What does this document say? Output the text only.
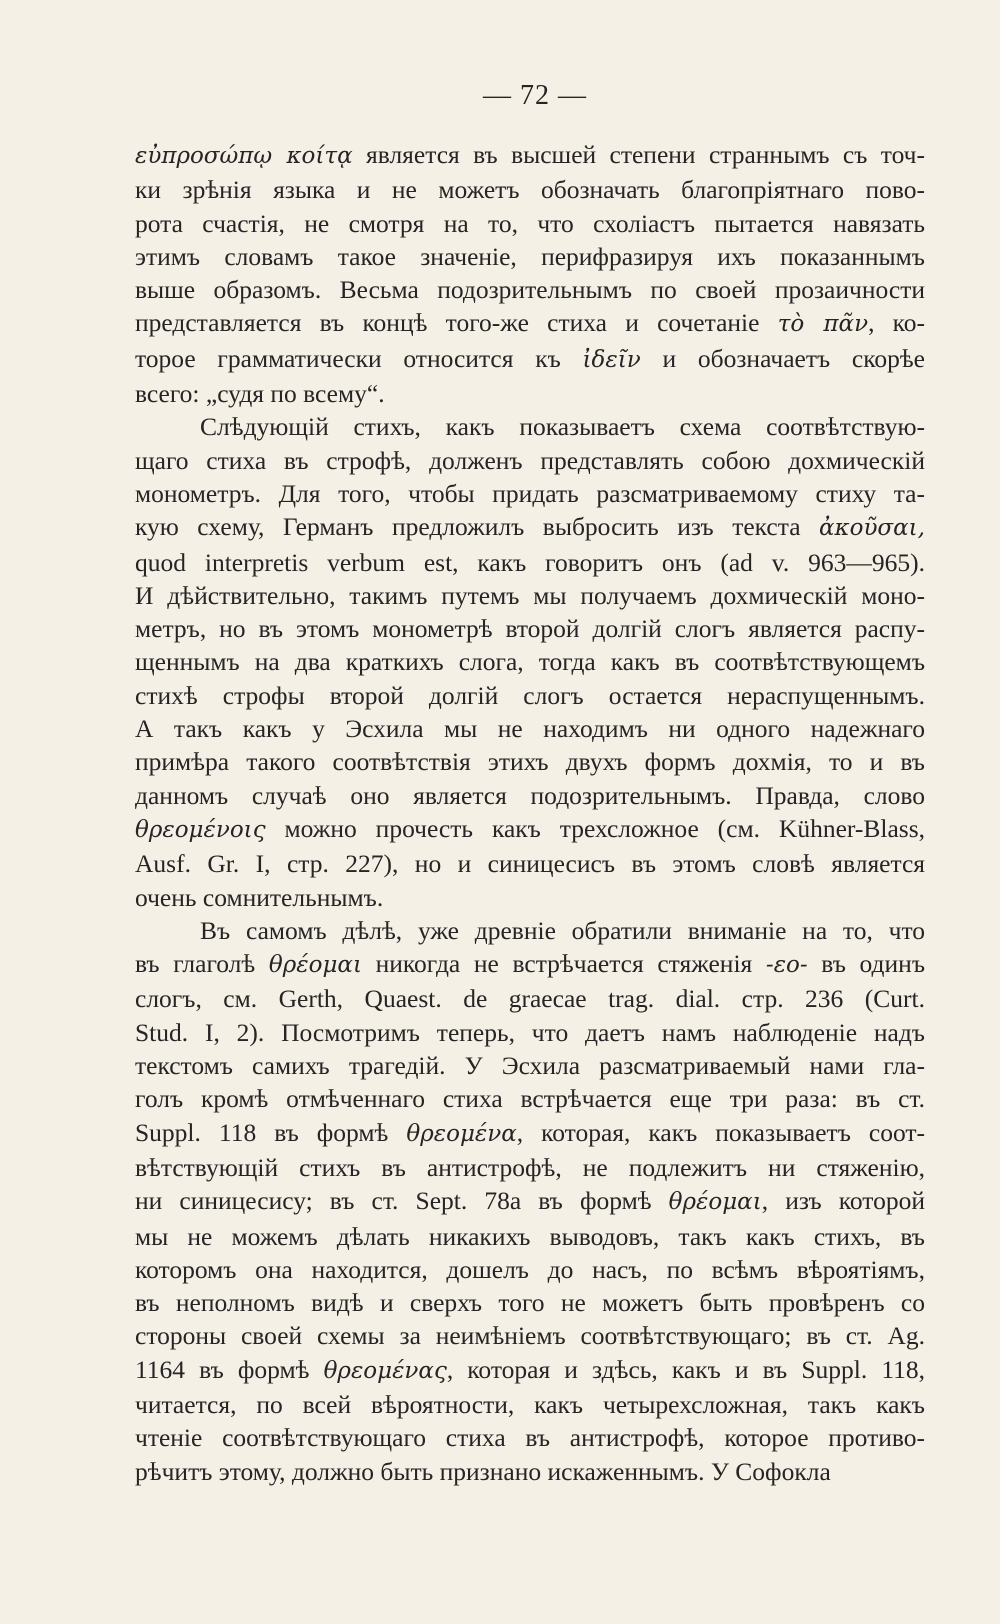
— 72 —
εὐπροσώπῳ κοίτᾳ является въ высшей степени страннымъ съ точ-
ки зрѣнія языка и не можетъ обозначать благопріятнаго пово-
рота счастія, не смотря на то, что схоліастъ пытается навязать
этимъ словамъ такое значеніе, перифразируя ихъ показаннымъ
выше образомъ. Весьма подозрительнымъ по своей прозаичности
представляется въ концѣ того-же стиха и сочетаніе τὸ πᾶν, ко-
торое грамматически относится къ ἰδεῖν и обозначаетъ скорѣе
всего: „судя по всему“.
Слѣдующій стихъ, какъ показываетъ схема соотвѣтствую-
щаго стиха въ строфѣ, долженъ представлять собою дохмическій
монометръ. Для того, чтобы придать разсматриваемому стиху та-
кую схему, Германъ предложилъ выбросить изъ текста ἀκοῦσαι,
quod interpretis verbum est, какъ говоритъ онъ (ad v. 963—965).
И дѣйствительно, такимъ путемъ мы получаемъ дохмическій моно-
метръ, но въ этомъ монометрѣ второй долгій слогъ является распу-
щеннымъ на два краткихъ слога, тогда какъ въ соотвѣтствующемъ
стихѣ строфы второй долгій слогъ остается нераспущеннымъ.
А такъ какъ у Эсхила мы не находимъ ни одного надежнаго
примѣра такого соотвѣтствія этихъ двухъ формъ дохмія, то и въ
данномъ случаѣ оно является подозрительнымъ. Правда, слово
θρεομένοις можно прочесть какъ трехсложное (см. Kühner-Blass,
Ausf. Gr. I, стр. 227), но и синицесисъ въ этомъ словѣ является
очень сомнительнымъ.
Въ самомъ дѣлѣ, уже древніе обратили вниманіе на то, что
въ глаголѣ θρέομαι никогда не встрѣчается стяженія -εο- въ одинъ
слогъ, см. Gerth, Quaest. de graecae trag. dial. стр. 236 (Curt.
Stud. I, 2). Посмотримъ теперь, что даетъ намъ наблюденіе надъ
текстомъ самихъ трагедій. У Эсхила разсматриваемый нами гла-
голъ кромѣ отмѣченнаго стиха встрѣчается еще три раза: въ ст.
Suppl. 118 въ формѣ θρεομένα, которая, какъ показываетъ соот-
вѣтствующій стихъ въ антистрофѣ, не подлежитъ ни стяженію,
ни синицесису; въ ст. Sept. 78a въ формѣ θρέομαι, изъ которой
мы не можемъ дѣлать никакихъ выводовъ, такъ какъ стихъ, въ
которомъ она находится, дошелъ до насъ, по всѣмъ вѣроятіямъ,
въ неполномъ видѣ и сверхъ того не можетъ быть провѣренъ со
стороны своей схемы за неимѣніемъ соотвѣтствующаго; въ ст. Ag.
1164 въ формѣ θρεομένας, которая и здѣсь, какъ и въ Suppl. 118,
читается, по всей вѣроятности, какъ четырехсложная, такъ какъ
чтеніе соотвѣтствующаго стиха въ антистрофѣ, которое противо-
рѣчитъ этому, должно быть признано искаженнымъ. У Софокла
